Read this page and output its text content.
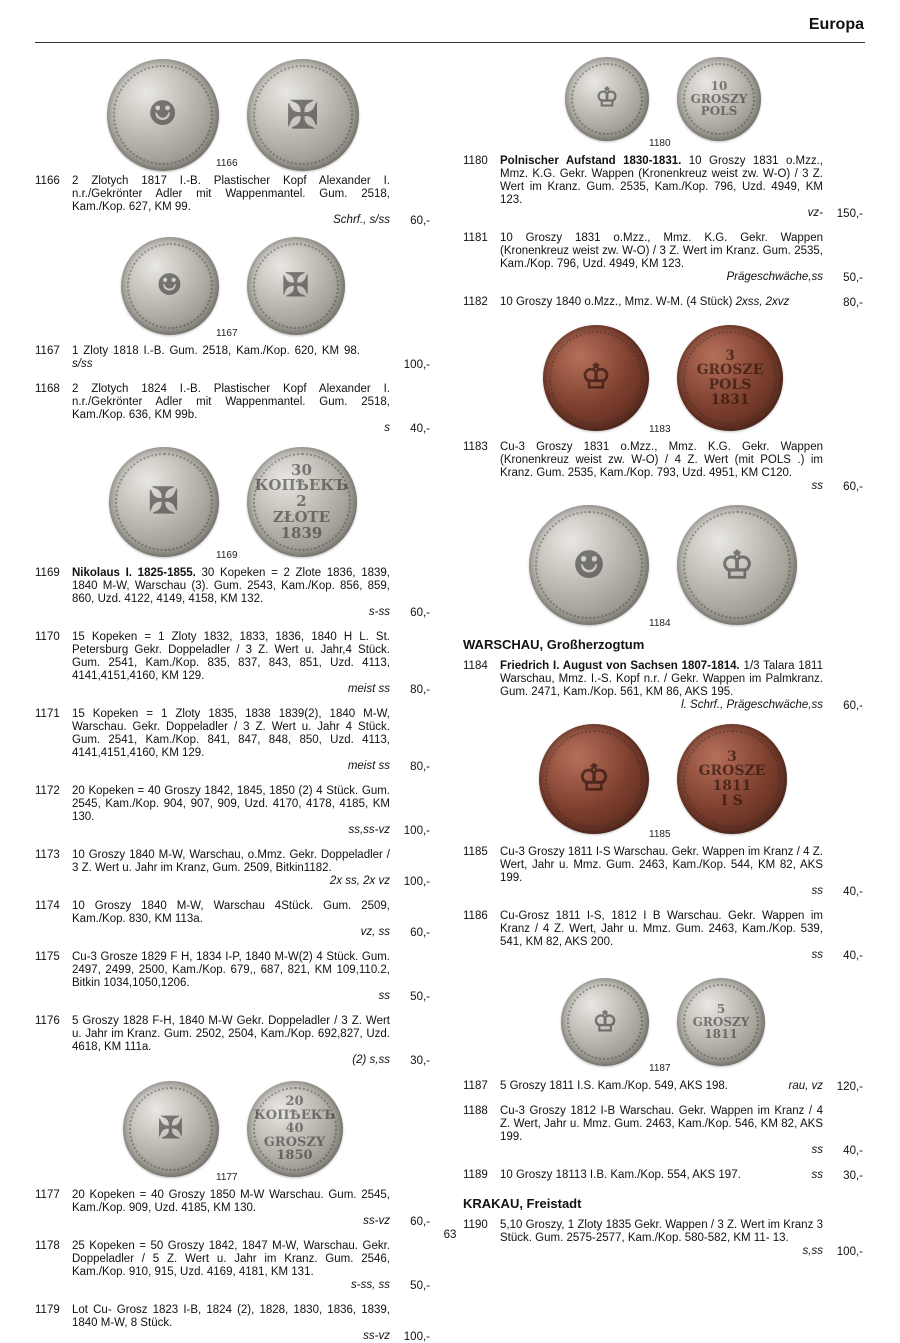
Europa
☻	✠
1166
1166	2 Zlotych 1817 I.-B. Plastischer Kopf Alexander I. n.r./Gekrönter Adler mit Wappenmantel. Gum. 2518, Kam./Kop. 627, KM 99.
Schrf., s/ss 60,-
☻	✠
1167
1167	1 Zloty 1818 I.-B. Gum. 2518, Kam./Kop. 620, KM 98. s/ss	100,-
1168	2 Zlotych 1824 I.-B. Plastischer Kopf Alexander I. n.r./Gekrönter Adler mit Wappenmantel. Gum. 2518, Kam./Kop. 636, KM 99b.
s 40,-
✠
30
КОПѢЕКЪ
2
ZŁOTE
1839
1169
1169	Nikolaus I. 1825-1855. 30 Kopeken = 2 Zlote 1836, 1839, 1840 M-W, Warschau (3). Gum. 2543, Kam./Kop. 856, 859, 860, Uzd. 4122, 4149, 4158, KM 132.
s-ss 60,-
1170	15 Kopeken = 1 Zloty 1832, 1833, 1836, 1840 H L. St. Petersburg Gekr. Doppeladler / 3 Z. Wert u. Jahr,4 Stück. Gum. 2541, Kam./Kop. 835, 837, 843, 851, Uzd. 4113, 4141,4151,4160, KM 129.
meist ss 80,-
1171	15 Kopeken = 1 Zloty 1835, 1838 1839(2), 1840 M-W, Warschau. Gekr. Doppeladler / 3 Z. Wert u. Jahr 4 Stück. Gum. 2541, Kam./Kop. 841, 847, 848, 850, Uzd. 4113, 4141,4151,4160, KM 129.
meist ss 80,-
1172	20 Kopeken = 40 Groszy 1842, 1845, 1850 (2) 4 Stück. Gum. 2545, Kam./Kop. 904, 907, 909, Uzd. 4170, 4178, 4185, KM 130.
ss,ss-vz 100,-
1173	10 Groszy 1840 M-W, Warschau, o.Mmz. Gekr. Doppeladler / 3 Z. Wert u. Jahr im Kranz, Gum. 2509, Bitkin1182.
2x ss, 2x vz 100,-
1174	10 Groszy 1840 M-W, Warschau 4Stück. Gum. 2509, Kam./Kop. 830, KM 113a.
vz, ss 60,-
1175	Cu-3 Grosze 1829 F H, 1834 I-P, 1840 M-W(2) 4 Stück. Gum. 2497, 2499, 2500, Kam./Kop. 679,, 687, 821, KM 109,110.2, Bitkin 1034,1050,1206.
ss 50,-
1176	5 Groszy 1828 F-H, 1840 M-W Gekr. Doppeladler / 3 Z. Wert u. Jahr im Kranz. Gum. 2502, 2504, Kam./Kop. 692,827, Uzd. 4618, KM 111a.
(2) s,ss 30,-
✠
20
КОПѢЕКЪ
40
GROSZY
1850
1177
1177	20 Kopeken = 40 Groszy 1850 M-W Warschau. Gum. 2545, Kam./Kop. 909, Uzd. 4185, KM 130.
ss-vz 60,-
1178	25 Kopeken = 50 Groszy 1842, 1847 M-W, Warschau. Gekr. Doppeladler / 5 Z. Wert u. Jahr im Kranz. Gum. 2546, Kam./Kop. 910, 915, Uzd. 4169, 4181, KM 131.
s-ss, ss 50,-
1179	Lot Cu- Grosz 1823 I-B, 1824 (2), 1828, 1830, 1836, 1839, 1840 M-W, 8 Stück.
ss-vz 100,-
♔	10
GROSZY
POLS
1180
1180	Polnischer Aufstand 1830-1831. 10 Groszy 1831 o.Mzz., Mmz. K.G. Gekr. Wappen (Kronenkreuz weist zw. W-O) / 3 Z. Wert im Kranz. Gum. 2535, Kam./Kop. 796, Uzd. 4949, KM 123.
vz- 150,-
1181	10 Groszy 1831 o.Mzz., Mmz. K.G. Gekr. Wappen (Kronenkreuz weist zw. W-O) / 3 Z. Wert im Kranz. Gum. 2535, Kam./Kop. 796, Uzd. 4949, KM 123.
Prägeschwäche,ss 50,-
1182	10 Groszy 1840 o.Mzz., Mmz. W-M. (4 Stück) 2xss, 2xvz	80,-
♔
3
GROSZE
POLS
1831
1183
1183	Cu-3 Groszy 1831 o.Mzz., Mmz. K.G. Gekr. Wappen (Kronenkreuz weist zw. W-O) / 4 Z. Wert (mit POLS .) im Kranz. Gum. 2535, Kam./Kop. 793, Uzd. 4951, KM C120.
ss 60,-
☻	♔
1184
WARSCHAU, Großherzogtum
1184	Friedrich I. August von Sachsen 1807-1814. 1/3 Talara 1811 Warschau, Mmz. I.-S. Kopf n.r. / Gekr. Wappen im Palmkranz. Gum. 2471, Kam./Kop. 561, KM 86, AKS 195.
l. Schrf., Prägeschwäche,ss 60,-
♔
3
GROSZE
1811
I S
1185
1185	Cu-3 Groszy 1811 I-S Warschau. Gekr. Wappen im Kranz / 4 Z. Wert, Jahr u. Mmz. Gum. 2463, Kam./Kop. 544, KM 82, AKS 199.
ss 40,-
1186	Cu-Grosz 1811 I-S, 1812 I B Warschau. Gekr. Wappen im Kranz / 4 Z. Wert, Jahr u. Mmz. Gum. 2463, Kam./Kop. 539, 541, KM 82, AKS 200.
ss 40,-
♔	5
GROSZY
1811
1187
1187	5 Groszy 1811 I.S. Kam./Kop. 549, AKS 198.	rau, vz 120,-
1188	Cu-3 Groszy 1812 I-B Warschau. Gekr. Wappen im Kranz / 4 Z. Wert, Jahr u. Mmz. Gum. 2463, Kam./Kop. 546, KM 82, AKS 199.
ss 40,-
1189	10 Groszy 18113 I.B. Kam./Kop. 554, AKS 197.	ss 30,-
KRAKAU, Freistadt
1190	5,10 Groszy, 1 Zloty 1835 Gekr. Wappen / 3 Z. Wert im Kranz 3 Stück. Gum. 2575-2577, Kam./Kop. 580-582, KM 11- 13.
s,ss 100,-
63
